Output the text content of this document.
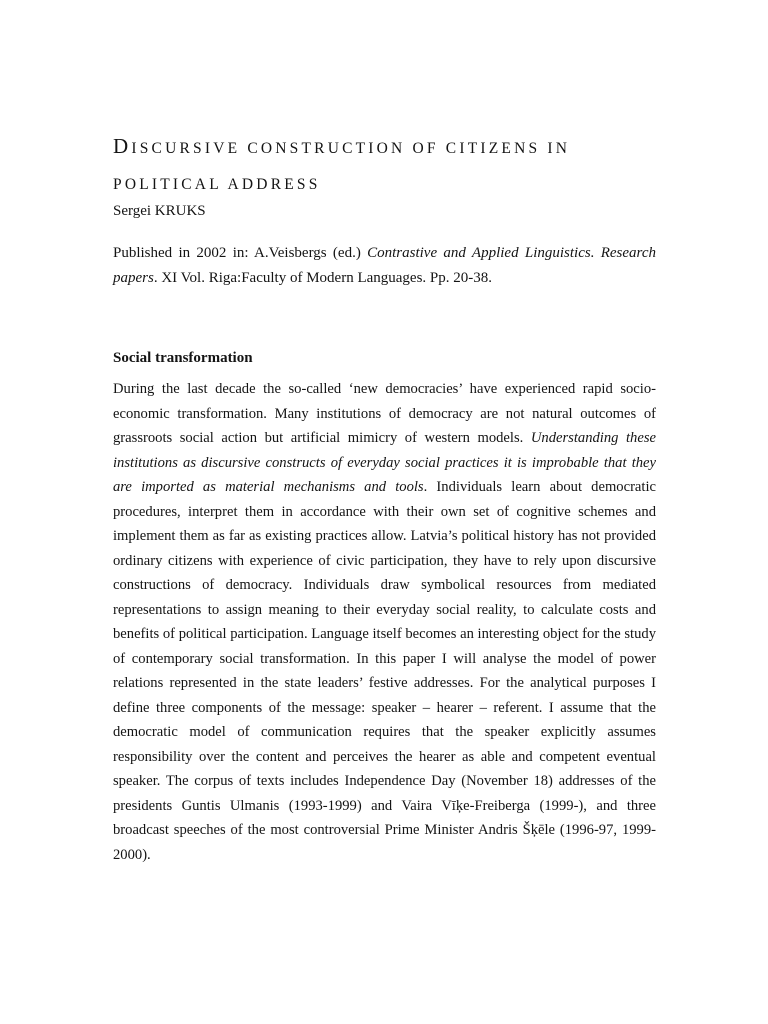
DISCURSIVE CONSTRUCTION OF CITIZENS IN
POLITICAL ADDRESS

Sergei KRUKS

Published in 2002 in: A.Veisbergs (ed.) Contrastive and Applied Linguistics. Research papers. XI Vol. Riga:Faculty of Modern Languages. Pp. 20-38.

Social transformation

During the last decade the so-called ‘new democracies’ have experienced rapid socio-economic transformation. Many institutions of democracy are not natural outcomes of grassroots social action but artificial mimicry of western models. Understanding these institutions as discursive constructs of everyday social practices it is improbable that they are imported as material mechanisms and tools. Individuals learn about democratic procedures, interpret them in accordance with their own set of cognitive schemes and implement them as far as existing practices allow. Latvia’s political history has not provided ordinary citizens with experience of civic participation, they have to rely upon discursive constructions of democracy. Individuals draw symbolical resources from mediated representations to assign meaning to their everyday social reality, to calculate costs and benefits of political participation. Language itself becomes an interesting object for the study of contemporary social transformation. In this paper I will analyse the model of power relations represented in the state leaders’ festive addresses. For the analytical purposes I define three components of the message: speaker – hearer – referent. I assume that the democratic model of communication requires that the speaker explicitly assumes responsibility over the content and perceives the hearer as able and competent eventual speaker. The corpus of texts includes Independence Day (November 18) addresses of the presidents Guntis Ulmanis (1993-1999) and Vaira Vīķe-Freiberga (1999-), and three broadcast speeches of the most controversial Prime Minister Andris Šķēle (1996-97, 1999-2000).
